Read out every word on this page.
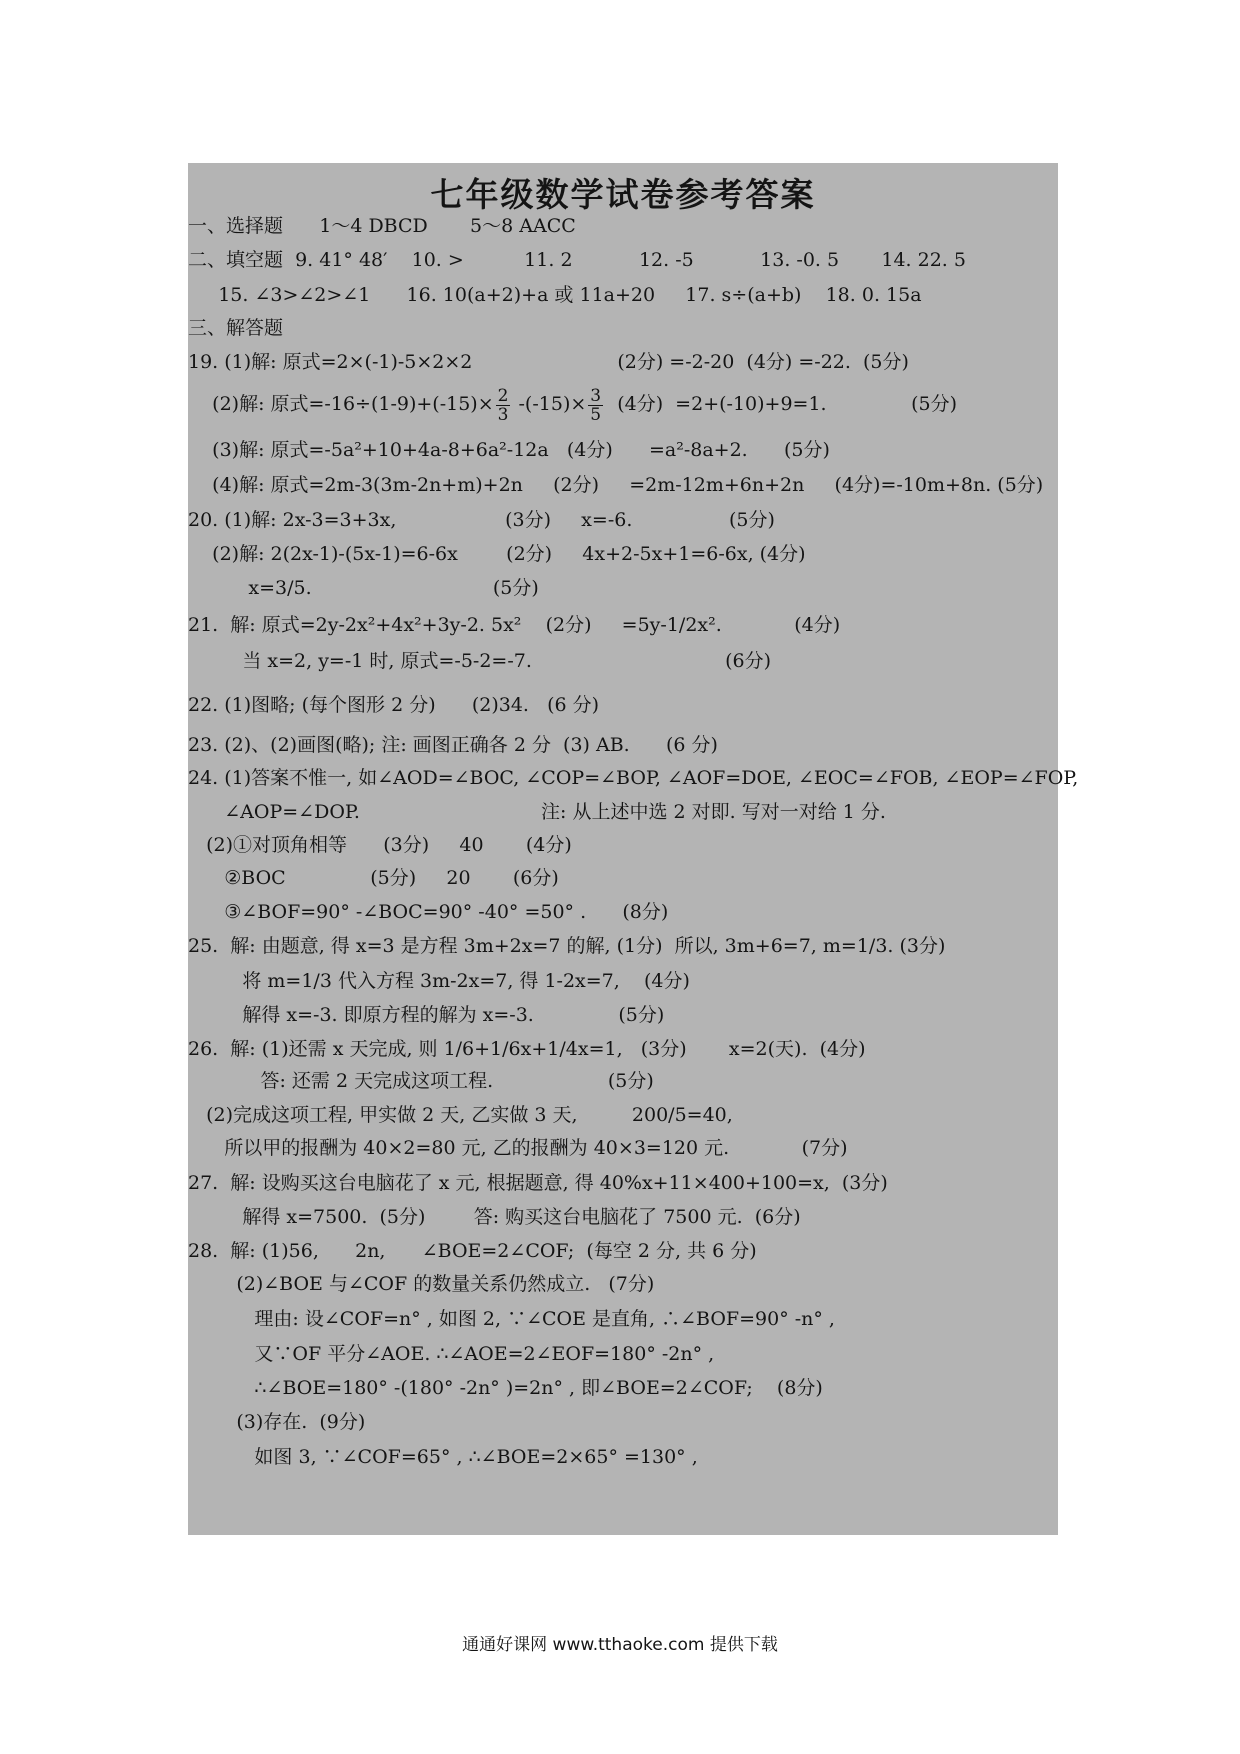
七年级数学试卷参考答案
一、选择题      1～4 DBCD       5～8 AACC
二、填空题  9. 41° 48′    10. >          11. 2           12. -5           13. -0. 5       14. 22. 5
15. ∠3>∠2>∠1      16. 10(a+2)+a 或 11a+20     17. s÷(a+b)    18. 0. 15a
三、解答题
19. (1)解: 原式=2×(-1)-5×2×2                        (2分) =-2-20  (4分) =-22.  (5分)
(2)解: 原式$=-16\div(1-9)+(-15)\times \frac{2}{3} -(-15)\times \frac{3}{5} (4$分)  =2+(-10)+9=1.              (5分)
(3)解: 原式=-5a²+10+4a-8+6a²-12a   (4分)      =a²-8a+2.      (5分)
(4)解: 原式=2m-3(3m-2n+m)+2n     (2分)     =2m-12m+6n+2n     (4分)=-10m+8n. (5分)
20. (1)解: 2x-3=3+3x,                  (3分)     x=-6.                (5分)
(2)解: 2(2x-1)-(5x-1)=6-6x        (2分)     4x+2-5x+1=6-6x, (4分)
x=3/5.                              (5分)
21.  解: 原式=2y-2x²+4x²+3y-2. 5x²    (2分)     =5y-1/2x².            (4分)
当 x=2, y=-1 时, 原式=-5-2=-7.                                (6分)
22. (1)图略; (每个图形 2 分)      (2)34.   (6 分)
23. (2)、(2)画图(略); 注: 画图正确各 2 分  (3) AB.      (6 分)
24. (1)答案不惟一, 如∠AOD=∠BOC, ∠COP=∠BOP, ∠AOF=DOE, ∠EOC=∠FOB, ∠EOP=∠FOP,
∠AOP=∠DOP.                              注: 从上述中选 2 对即. 写对一对给 1 分.
(2)①对顶角相等      (3分)     40       (4分)
②BOC              (5分)     20       (6分)
③∠BOF=90° -∠BOC=90° -40° =50° .      (8分)
25.  解: 由题意, 得 x=3 是方程 3m+2x=7 的解, (1分)  所以, 3m+6=7, m=1/3. (3分)
将 m=1/3 代入方程 3m-2x=7, 得 1-2x=7,    (4分)
解得 x=-3. 即原方程的解为 x=-3.              (5分)
26.  解: (1)还需 x 天完成, 则 1/6+1/6x+1/4x=1,   (3分)       x=2(天).  (4分)
答: 还需 2 天完成这项工程.                   (5分)
(2)完成这项工程, 甲实做 2 天, 乙实做 3 天,         200/5=40,
所以甲的报酬为 40×2=80 元, 乙的报酬为 40×3=120 元.            (7分)
27.  解: 设购买这台电脑花了 x 元, 根据题意, 得 40%x+11×400+100=x,  (3分)
解得 x=7500.  (5分)        答: 购买这台电脑花了 7500 元.  (6分)
28.  解: (1)56,      2n,      ∠BOE=2∠COF;  (每空 2 分, 共 6 分)
(2)∠BOE 与∠COF 的数量关系仍然成立.   (7分)
理由: 设∠COF=n° , 如图 2, ∵∠COE 是直角, ∴∠BOF=90° -n° ,
又∵OF 平分∠AOE. ∴∠AOE=2∠EOF=180° -2n° ,
∴∠BOE=180° -(180° -2n° )=2n° , 即∠BOE=2∠COF;    (8分)
(3)存在.  (9分)
如图 3, ∵∠COF=65° , ∴∠BOE=2×65° =130° ,
通通好课网 www.tthaoke.com 提供下载
